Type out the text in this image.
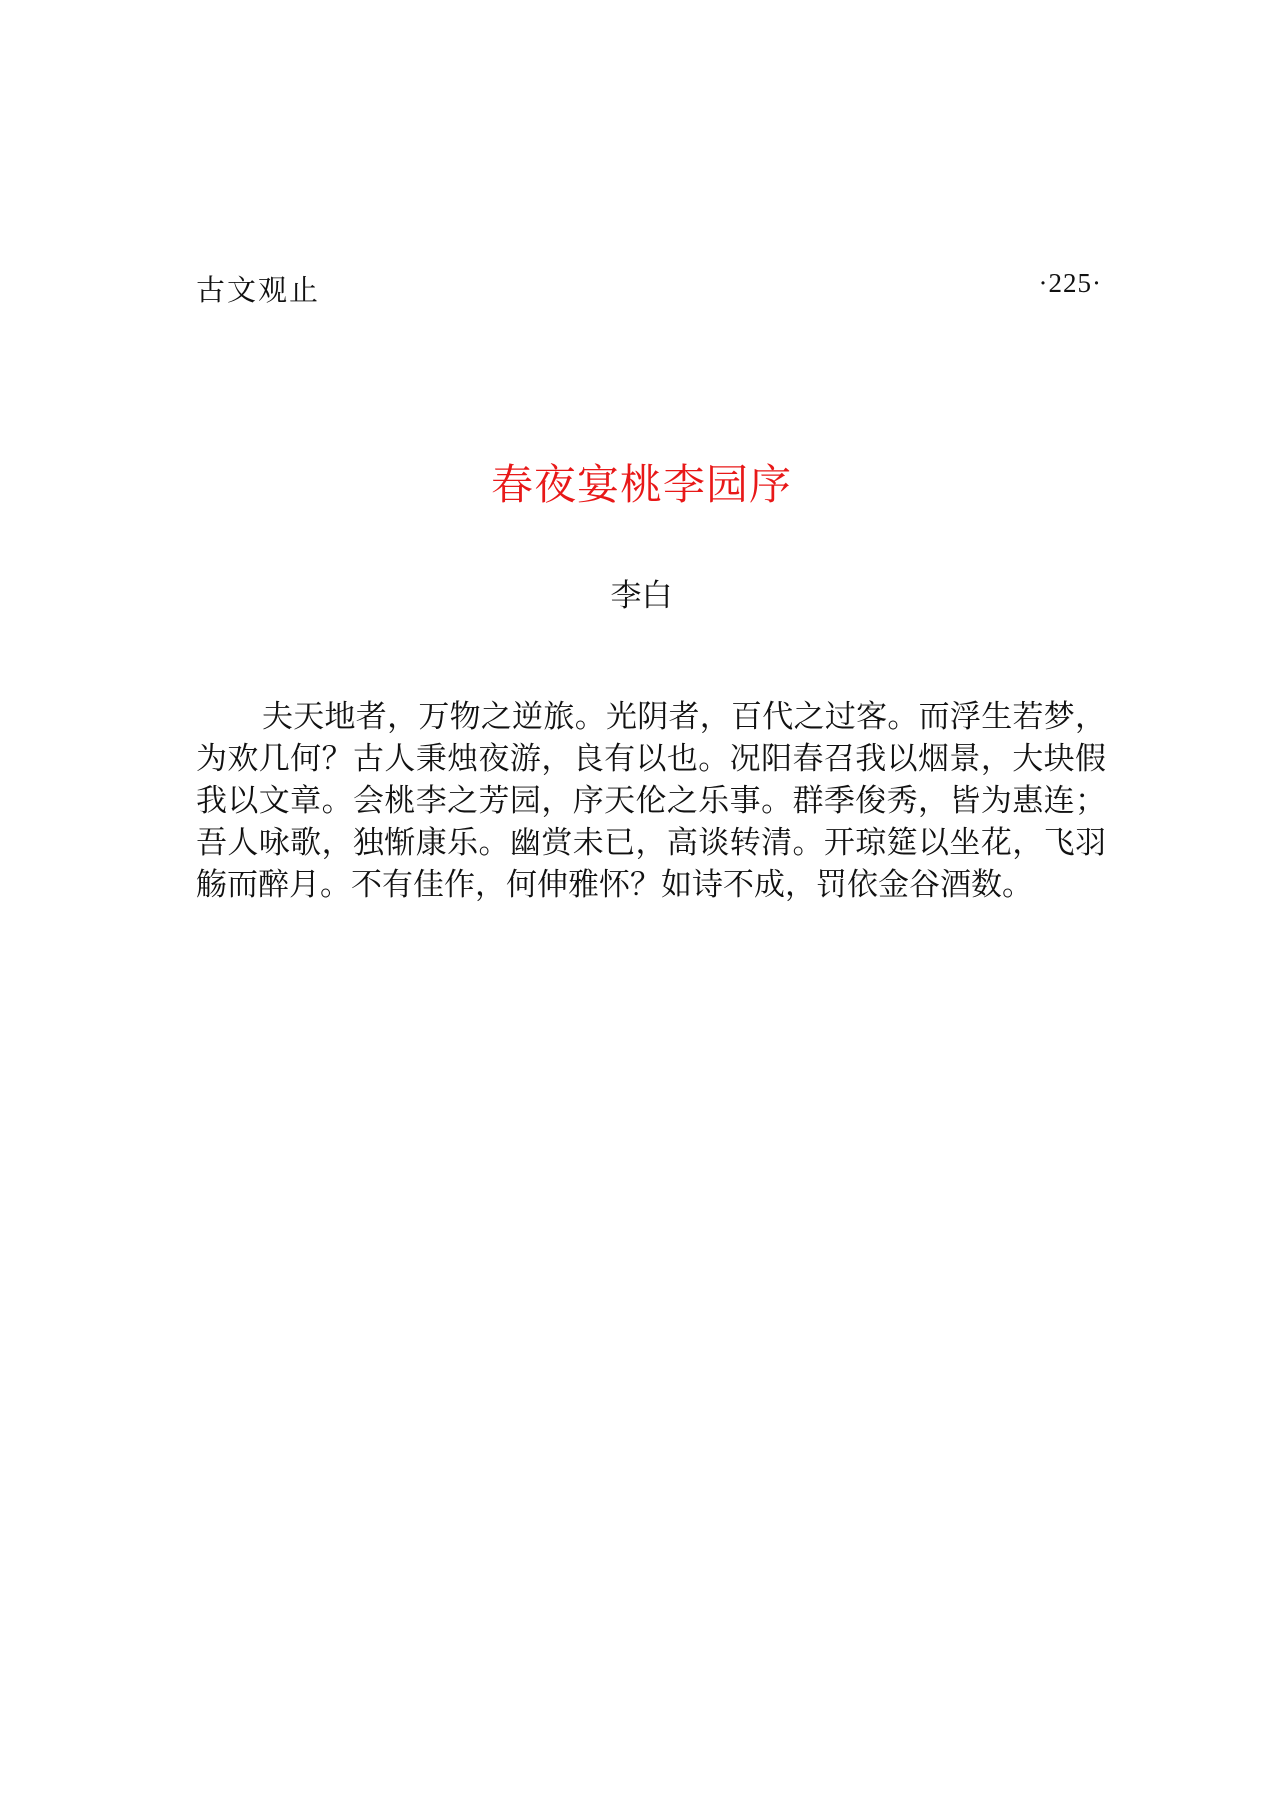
古文观止	·225·
春夜宴桃李园序
李白

夫天地者，万物之逆旅。光阴者，百代之过客。而浮生若梦，为欢几何？古人秉烛夜游，良有以也。况阳春召我以烟景，大块假我以文章。会桃李之芳园，序天伦之乐事。群季俊秀，皆为惠连；吾人咏歌，独惭康乐。幽赏未已，高谈转清。开琼筵以坐花，飞羽觞而醉月。不有佳作，何伸雅怀？如诗不成，罚依金谷酒数。
